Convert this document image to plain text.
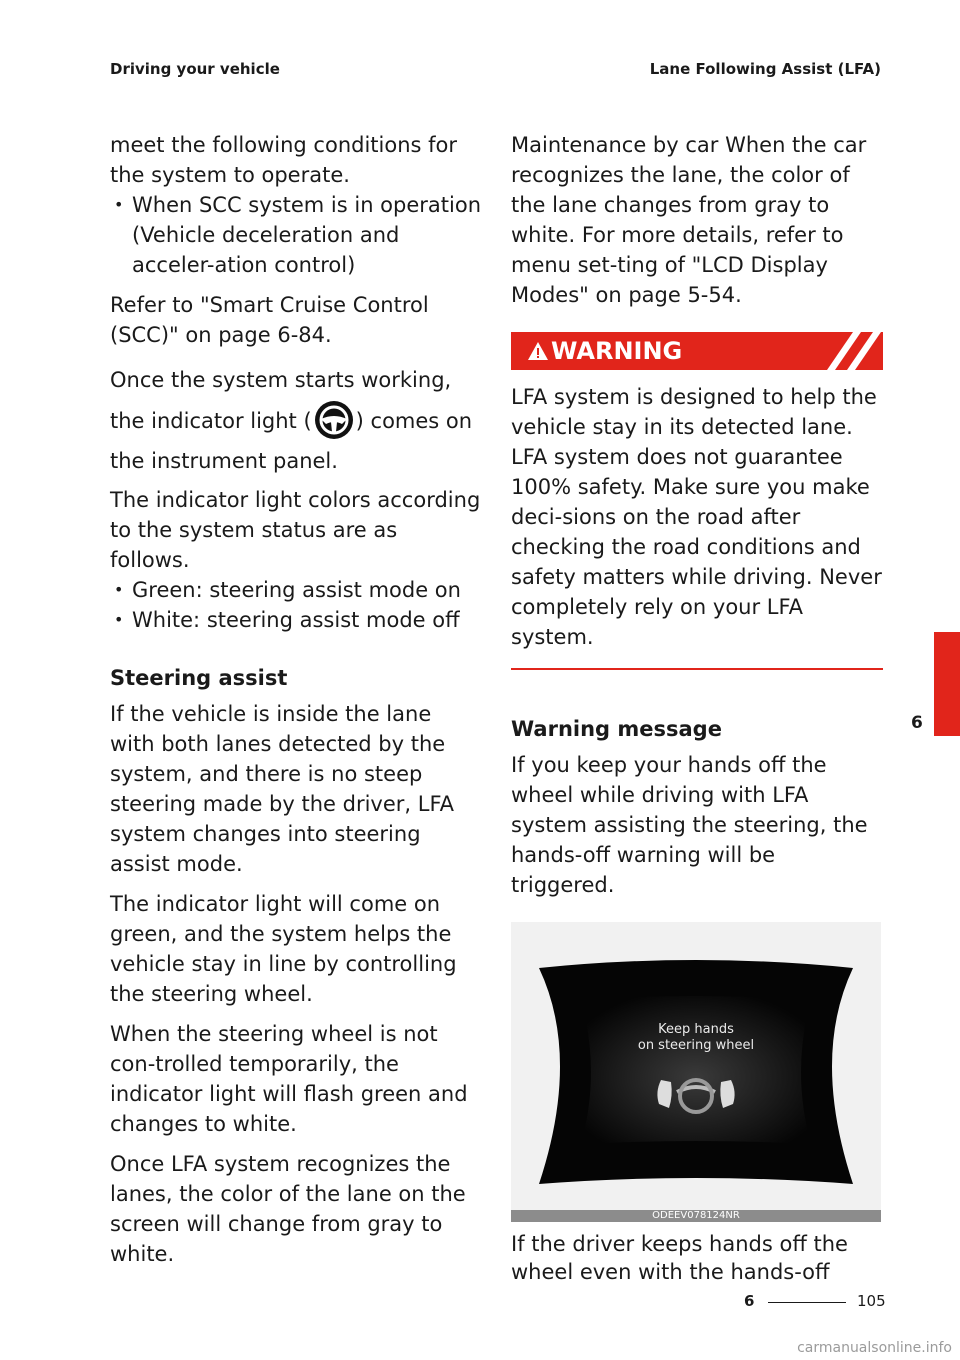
Driving your vehicle	Lane Following Assist (LFA)

meet the following conditions for the system to operate.

• When SCC system is in operation (Vehicle deceleration and acceler-ation control)

Refer to "Smart Cruise Control (SCC)" on page 6-84.

Once the system starts working, the indicator light ( ) comes on the instrument panel.

The indicator light colors according to the system status are as follows.

• Green: steering assist mode on
• White: steering assist mode off
Steering assist

If the vehicle is inside the lane with both lanes detected by the system, and there is no steep steering made by the driver, LFA system changes into steering assist mode.

The indicator light will come on green, and the system helps the vehicle stay in line by controlling the steering wheel.

When the steering wheel is not con-trolled temporarily, the indicator light will flash green and changes to white.

Once LFA system recognizes the lanes, the color of the lane on the screen will change from gray to white.

Maintenance by car When the car recognizes the lane, the color of the lane changes from gray to white. For more details, refer to menu set-ting of "LCD Display Modes" on page 5-54.

WARNING

LFA system is designed to help the vehicle stay in its detected lane. LFA system does not guarantee 100% safety. Make sure you make deci-sions on the road after checking the road conditions and safety matters while driving. Never completely rely on your LFA system.

Warning message

If you keep your hands off the wheel while driving with LFA system assisting the steering, the hands-off warning will be triggered.

Keep hands
on steering wheel
ODEEV078124NR

If the driver keeps hands off the wheel even with the hands-off

6
6	105
carmanualsonline.info
